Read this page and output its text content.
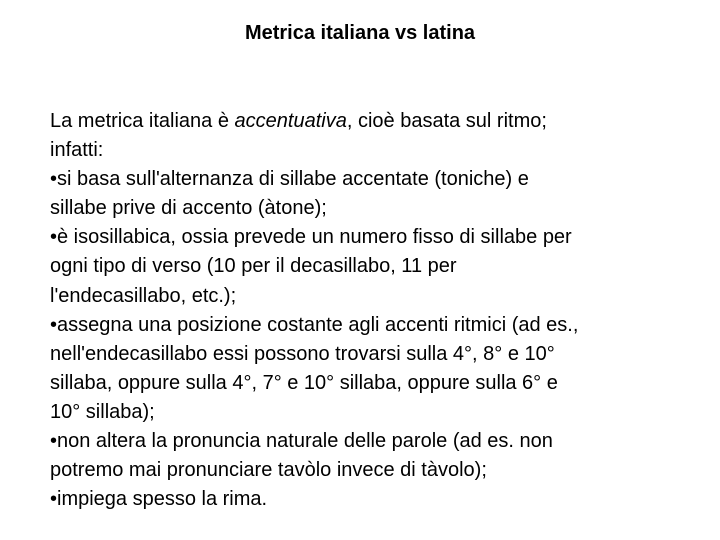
Metrica italiana vs latina
La metrica italiana è accentuativa, cioè basata sul ritmo;
infatti:
•si basa sull'alternanza di sillabe accentate (toniche) e
sillabe prive di accento (àtone);
•è isosillabica, ossia prevede un numero fisso di sillabe per
ogni tipo di verso (10 per il decasillabo, 11 per
l'endecasillabo, etc.);
•assegna una posizione costante agli accenti ritmici (ad es.,
nell'endecasillabo essi possono trovarsi sulla 4°, 8° e 10°
sillaba, oppure sulla 4°, 7° e 10° sillaba, oppure sulla 6° e
10° sillaba);
•non altera la pronuncia naturale delle parole (ad es. non
potremo mai pronunciare tavòlo invece di tàvolo);
•impiega spesso la rima.
